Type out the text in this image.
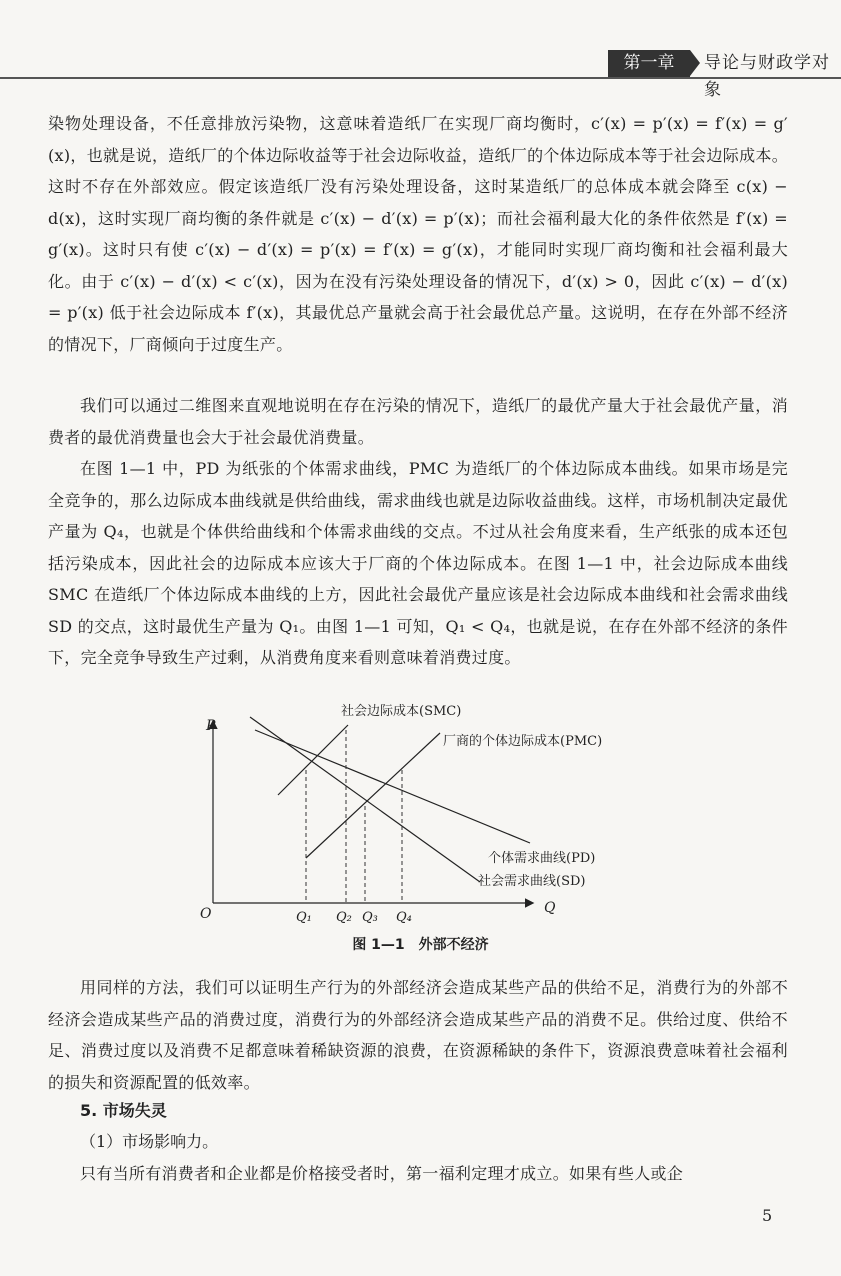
第一章	导论与财政学对象

染物处理设备，不任意排放污染物，这意味着造纸厂在实现厂商均衡时，c′(x) = p′(x) = f′(x) = g′(x)，也就是说，造纸厂的个体边际收益等于社会边际收益，造纸厂的个体边际成本等于社会边际成本。这时不存在外部效应。假定该造纸厂没有污染处理设备，这时某造纸厂的总体成本就会降至 c(x) − d(x)，这时实现厂商均衡的条件就是 c′(x) − d′(x) = p′(x)；而社会福利最大化的条件依然是 f′(x) = g′(x)。这时只有使 c′(x) − d′(x) = p′(x) = f′(x) = g′(x)，才能同时实现厂商均衡和社会福利最大化。由于 c′(x) − d′(x) < c′(x)，因为在没有污染处理设备的情况下，d′(x) > 0，因此 c′(x) − d′(x) = p′(x) 低于社会边际成本 f′(x)，其最优总产量就会高于社会最优总产量。这说明，在存在外部不经济的情况下，厂商倾向于过度生产。

我们可以通过二维图来直观地说明在存在污染的情况下，造纸厂的最优产量大于社会最优产量，消费者的最优消费量也会大于社会最优消费量。

在图 1—1 中，PD 为纸张的个体需求曲线，PMC 为造纸厂的个体边际成本曲线。如果市场是完全竞争的，那么边际成本曲线就是供给曲线，需求曲线也就是边际收益曲线。这样，市场机制决定最优产量为 Q₄，也就是个体供给曲线和个体需求曲线的交点。不过从社会角度来看，生产纸张的成本还包括污染成本，因此社会的边际成本应该大于厂商的个体边际成本。在图 1—1 中，社会边际成本曲线 SMC 在造纸厂个体边际成本曲线的上方，因此社会最优产量应该是社会边际成本曲线和社会需求曲线 SD 的交点，这时最优生产量为 Q₁。由图 1—1 可知，Q₁ < Q₄，也就是说，在存在外部不经济的条件下，完全竞争导致生产过剩，从消费角度来看则意味着消费过度。

P
Q
O	Q₁ Q₂ Q₃ Q₄
社会边际成本(SMC)
厂商的个体边际成本(PMC)
个体需求曲线(PD)
社会需求曲线(SD)
图 1—1　外部不经济

用同样的方法，我们可以证明生产行为的外部经济会造成某些产品的供给不足，消费行为的外部不经济会造成某些产品的消费过度，消费行为的外部经济会造成某些产品的消费不足。供给过度、供给不足、消费过度以及消费不足都意味着稀缺资源的浪费，在资源稀缺的条件下，资源浪费意味着社会福利的损失和资源配置的低效率。

5. 市场失灵

（1）市场影响力。

只有当所有消费者和企业都是价格接受者时，第一福利定理才成立。如果有些人或企

5
